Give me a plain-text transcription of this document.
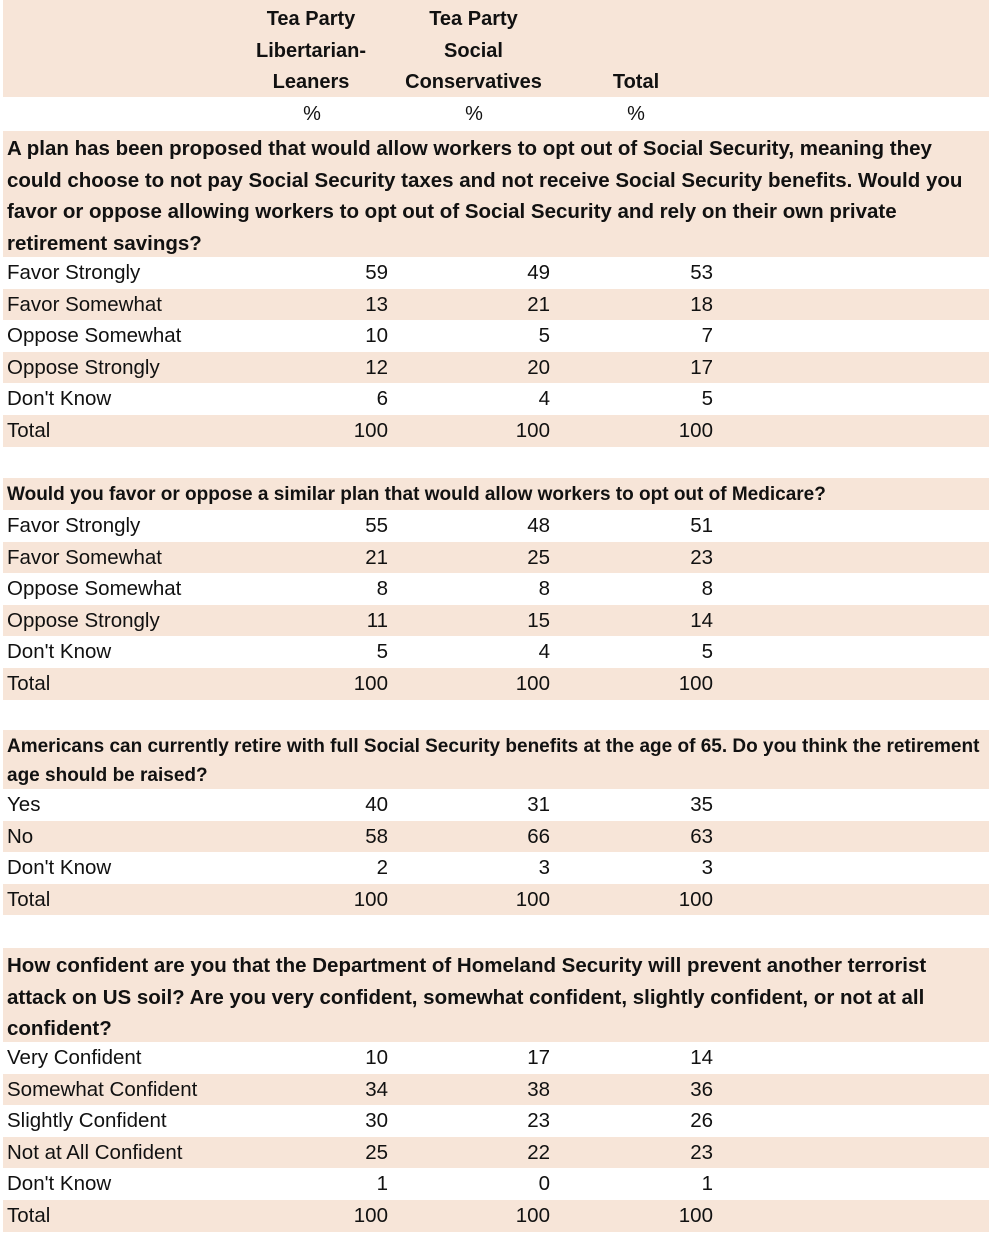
Tea Party
Libertarian-
Leaners
Tea Party
Social
Conservatives	Total
%	%	%
A plan has been proposed that would allow workers to opt out of Social Security, meaning they could choose to not pay Social Security taxes and not receive Social Security benefits. Would you favor or oppose allowing workers to opt out of Social Security and rely on their own private retirement savings?
Favor Strongly	59	49	53
Favor Somewhat	13	21	18
Oppose Somewhat	10	5	7
Oppose Strongly	12	20	17
Don't Know	6	4	5
Total	100	100	100
Would you favor or oppose a similar plan that would allow workers to opt out of Medicare?
Favor Strongly	55	48	51
Favor Somewhat	21	25	23
Oppose Somewhat	8	8	8
Oppose Strongly	11	15	14
Don't Know	5	4	5
Total	100	100	100
Americans can currently retire with full Social Security benefits at the age of 65. Do you think the retirement age should be raised?
Yes	40	31	35
No	58	66	63
Don't Know	2	3	3
Total	100	100	100
How confident are you that the Department of Homeland Security will prevent another terrorist attack on US soil? Are you very confident, somewhat confident, slightly confident, or not at all confident?
Very Confident	10	17	14
Somewhat Confident	34	38	36
Slightly Confident	30	23	26
Not at All Confident	25	22	23
Don't Know	1	0	1
Total	100	100	100
